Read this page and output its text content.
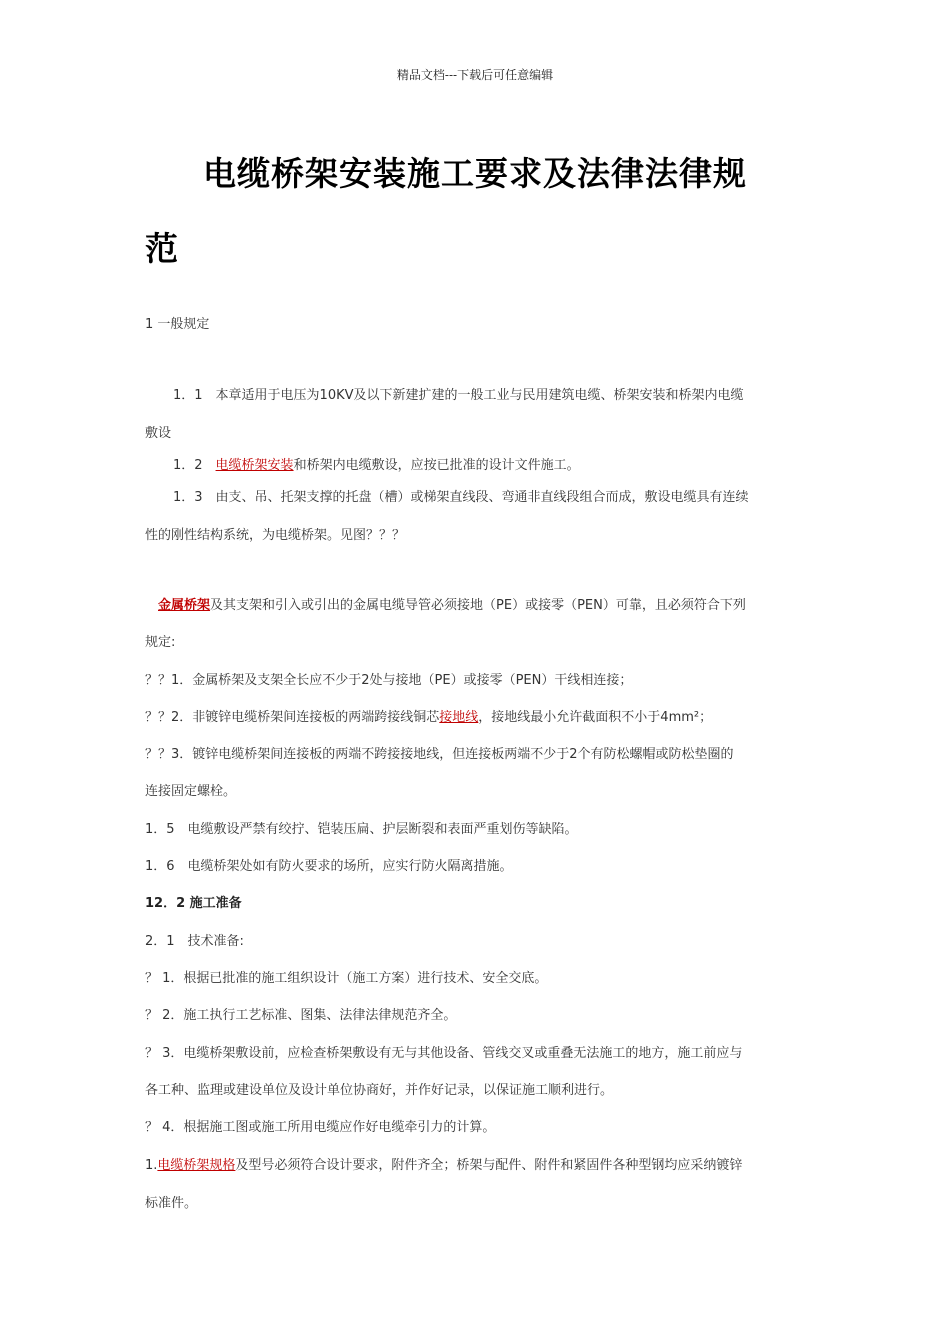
精品文档---下载后可任意编辑
电缆桥架安装施工要求及法律法律规
范
1 一般规定
1．1　本章适用于电压为10KV及以下新建扩建的一般工业与民用建筑电缆、桥架安装和桥架内电缆
敷设
1．2　电缆桥架安装和桥架内电缆敷设，应按已批准的设计文件施工。
1．3　由支、吊、托架支撑的托盘（槽）或梯架直线段、弯通非直线段组合而成，敷设电缆具有连续
性的刚性结构系统，为电缆桥架。见图？？？
金属桥架及其支架和引入或引出的金属电缆导管必须接地（PE）或接零（PEN）可靠，且必须符合下列
规定:
？？1．金属桥架及支架全长应不少于2处与接地（PE）或接零（PEN）干线相连接；
？？2．非镀锌电缆桥架间连接板的两端跨接线铜芯接地线，接地线最小允许截面积不小于4mm²；
？？3．镀锌电缆桥架间连接板的两端不跨接接地线，但连接板两端不少于2个有防松螺帽或防松垫圈的
连接固定螺栓。
1．5　电缆敷设严禁有绞拧、铠装压扁、护层断裂和表面严重划伤等缺陷。
1．6　电缆桥架处如有防火要求的场所，应实行防火隔离措施。
12．2 施工准备
2．1　技术准备:
？ 1．根据已批准的施工组织设计（施工方案）进行技术、安全交底。
？ 2．施工执行工艺标准、图集、法律法律规范齐全。
？ 3．电缆桥架敷设前，应检查桥架敷设有无与其他设备、管线交叉或重叠无法施工的地方，施工前应与
各工种、监理或建设单位及设计单位协商好，并作好记录，以保证施工顺利进行。
？ 4．根据施工图或施工所用电缆应作好电缆牵引力的计算。
1.电缆桥架规格及型号必须符合设计要求，附件齐全；桥架与配件、附件和紧固件各种型钢均应采纳镀锌
标准件。
